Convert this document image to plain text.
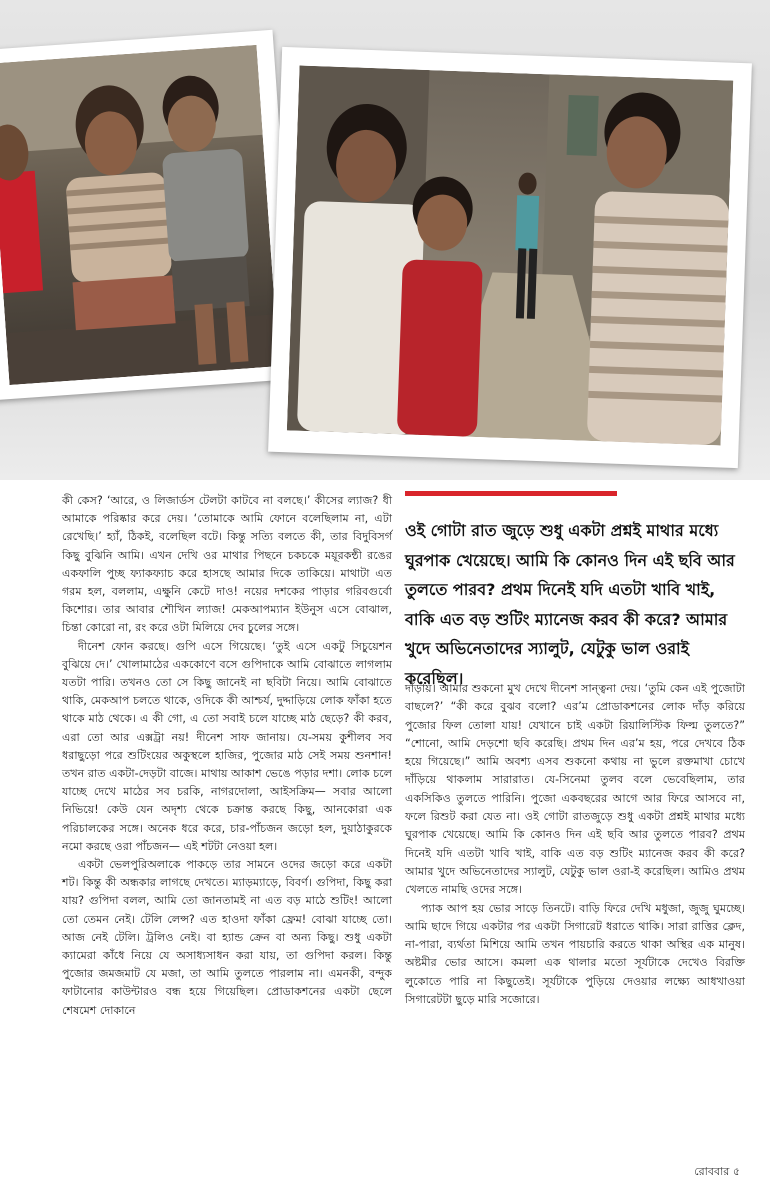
কী কেস? ‘আরে, ও লিজার্ডস টেলটা কাটবে না বলছে।’ কীসের ল্যাজ? ধী আমাকে পরিষ্কার করে দেয়। ‘তোমাকে আমি ফোনে বলেছিলাম না, এটা রেখেছি।’ হ্যাঁ, ঠিকই, বলেছিল বটে। কিন্তু সত্যি বলতে কী, তার বিদুবিসর্গ কিছু বুঝিনি আমি। এখন দেখি ওর মাথার পিছনে চকচকে ময়ূরকন্ঠী রঙের একফালি পুচ্ছ ফ্যাকফ্যাচ করে হাসছে আমার দিকে তাকিয়ে। মাথাটা এত গরম হল, বললাম, এক্ষুনি কেটে দাও! নয়ের দশকের পাড়ার গরিবগুর্বো কিশোর। তার আবার শৌখিন ল্যাজ! মেকআপম্যান ইউনুস এসে বোঝাল, চিন্তা কোরো না, রং করে ওটা মিলিয়ে দেব চুলের সঙ্গে।

দীনেশ ফোন করছে। গুপি এসে গিয়েছে। ‘তুই এসে একটু সিচুয়েশন বুঝিয়ে দে।’ খোলামাঠের এককোণে বসে গুপিদাকে আমি বোঝাতে লাগলাম যতটা পারি। তখনও তো সে কিছু জানেই না ছবিটা নিয়ে। আমি বোঝাতে থাকি, মেকআপ চলতে থাকে, ওদিকে কী আশ্চর্য, দুদ্দাড়িয়ে লোক ফাঁকা হতে থাকে মাঠ থেকে। এ কী গো, এ তো সবাই চলে যাচ্ছে মাঠ ছেড়ে? কী করব, এরা তো আর এক্সট্রা নয়! দীনেশ সাফ জানায়। যে-সময় কুশীলব সব ধরাছুড়ো পরে শুটিংয়ের অকুস্থলে হাজির, পুজোর মাঠ সেই সময় শুনশান! তখন রাত একটা-দেড়টা বাজে। মাথায় আকাশ ভেঙে পড়ার দশা। লোক চলে যাচ্ছে দেখে মাঠের সব চরকি, নাগরদোলা, আইসক্রিম— সবার আলো নিভিয়ে! কেউ যেন অদৃশ্য থেকে চক্রান্ত করছে কিছু, আনকোরা এক পরিচালকের সঙ্গে। অনেক ধরে করে, চার-পাঁচজন জড়ো হল, দুয়াঠাকুরকে নমো করছে ওরা পাঁচজন— এই শটটা নেওয়া হল।

একটা ভেলপুরিঅলাকে পাকড়ে তার সামনে ওদের জড়ো করে একটা শট। কিন্তু কী অন্ধকার লাগছে দেখতে। ম্যাড়ম্যাড়ে, বিবর্ণ। গুপিদা, কিছু করা যায়? গুপিদা বলল, আমি তো জানতামই না এত বড় মাঠে শুটিং! আলো তো তেমন নেই। টেলি লেন্স? এত হাওদা ফাঁকা ফ্রেম! বোঝা যাচ্ছে তো। আজ নেই টেলি। ট্রলিও নেই। বা হ্যান্ড ক্রেন বা অন্য কিছু। শুধু একটা ক্যামেরা কাঁধে নিয়ে যে অসাধ্যসাধন করা যায়, তা গুপিদা করল। কিন্তু পুজোর জমজমাট যে মজা, তা আমি তুলতে পারলাম না। এমনকী, বন্দুক ফাটানোর কাউন্টারও বন্ধ হয়ে গিয়েছিল। প্রোডাকশনের একটা ছেলে শেষমেশ দোকানে

ওই গোটা রাত জুড়ে শুধু একটা প্রশ্নই মাথার মধ্যে ঘুরপাক খেয়েছে। আমি কি কোনও দিন এই ছবি আর তুলতে পারব? প্রথম দিনেই যদি এতটা খাবি খাই, বাকি এত বড় শুটিং ম্যানেজ করব কী করে? আমার খুদে অভিনেতাদের স্যালুট, যেটুকু ভাল ওরাই করেছিল।

দাঁড়ায়। আমার শুকনো মুখ দেখে দীনেশ সান্ত্বনা দেয়। ‘তুমি কেন এই পুজোটা বাছলে?’ “কী করে বুঝব বলো? এর’ম প্রোডাকশনের লোক দাঁড় করিয়ে পুজোর ফিল তোলা যায়! যেখানে চাই একটা রিয়ালিস্টিক ফিল্ম তুলতে?” “শোনো, আমি দেড়শো ছবি করেছি। প্রথম দিন এর’ম হয়, পরে দেখবে ঠিক হয়ে গিয়েছে।” আমি অবশ্য এসব শুকনো কথায় না ভুলে রক্তমাখা চোখে দাঁড়িয়ে থাকলাম সারারাত। যে-সিনেমা তুলব বলে ভেবেছিলাম, তার একসিকিও তুলতে পারিনি। পুজো একবছরের আগে আর ফিরে আসবে না, ফলে রিশুট করা যেত না। ওই গোটা রাতজুড়ে শুধু একটা প্রশ্নই মাথার মধ্যে ঘুরপাক খেয়েছে। আমি কি কোনও দিন এই ছবি আর তুলতে পারব? প্রথম দিনেই যদি এতটা খাবি খাই, বাকি এত বড় শুটিং ম্যানেজ করব কী করে? আমার খুদে অভিনেতাদের স্যালুট, যেটুকু ভাল ওরা-ই করেছিল। আমিও প্রথম খেলতে নামছি ওদের সঙ্গে।

প্যাক আপ হয় ভোর সাড়ে তিনটে। বাড়ি ফিরে দেখি মধুজা, জুজু ঘুমচ্ছে। আমি ছাদে গিয়ে একটার পর একটা সিগারেট ধরাতে থাকি। সারা রাত্তির ক্লেদ, না-পারা, ব্যর্থতা মিশিয়ে আমি তখন পায়চারি করতে থাকা অস্থির এক মানুষ। অষ্টমীর ভোর আসে। কমলা এক থালার মতো সূর্যটাকে দেখেও বিরক্তি লুকোতে পারি না কিছুতেই। সূর্যটাকে পুড়িয়ে দেওয়ার লক্ষ্যে আধখাওয়া সিগারেটটা ছুড়ে মারি সজোরে।

রোববার ৫
